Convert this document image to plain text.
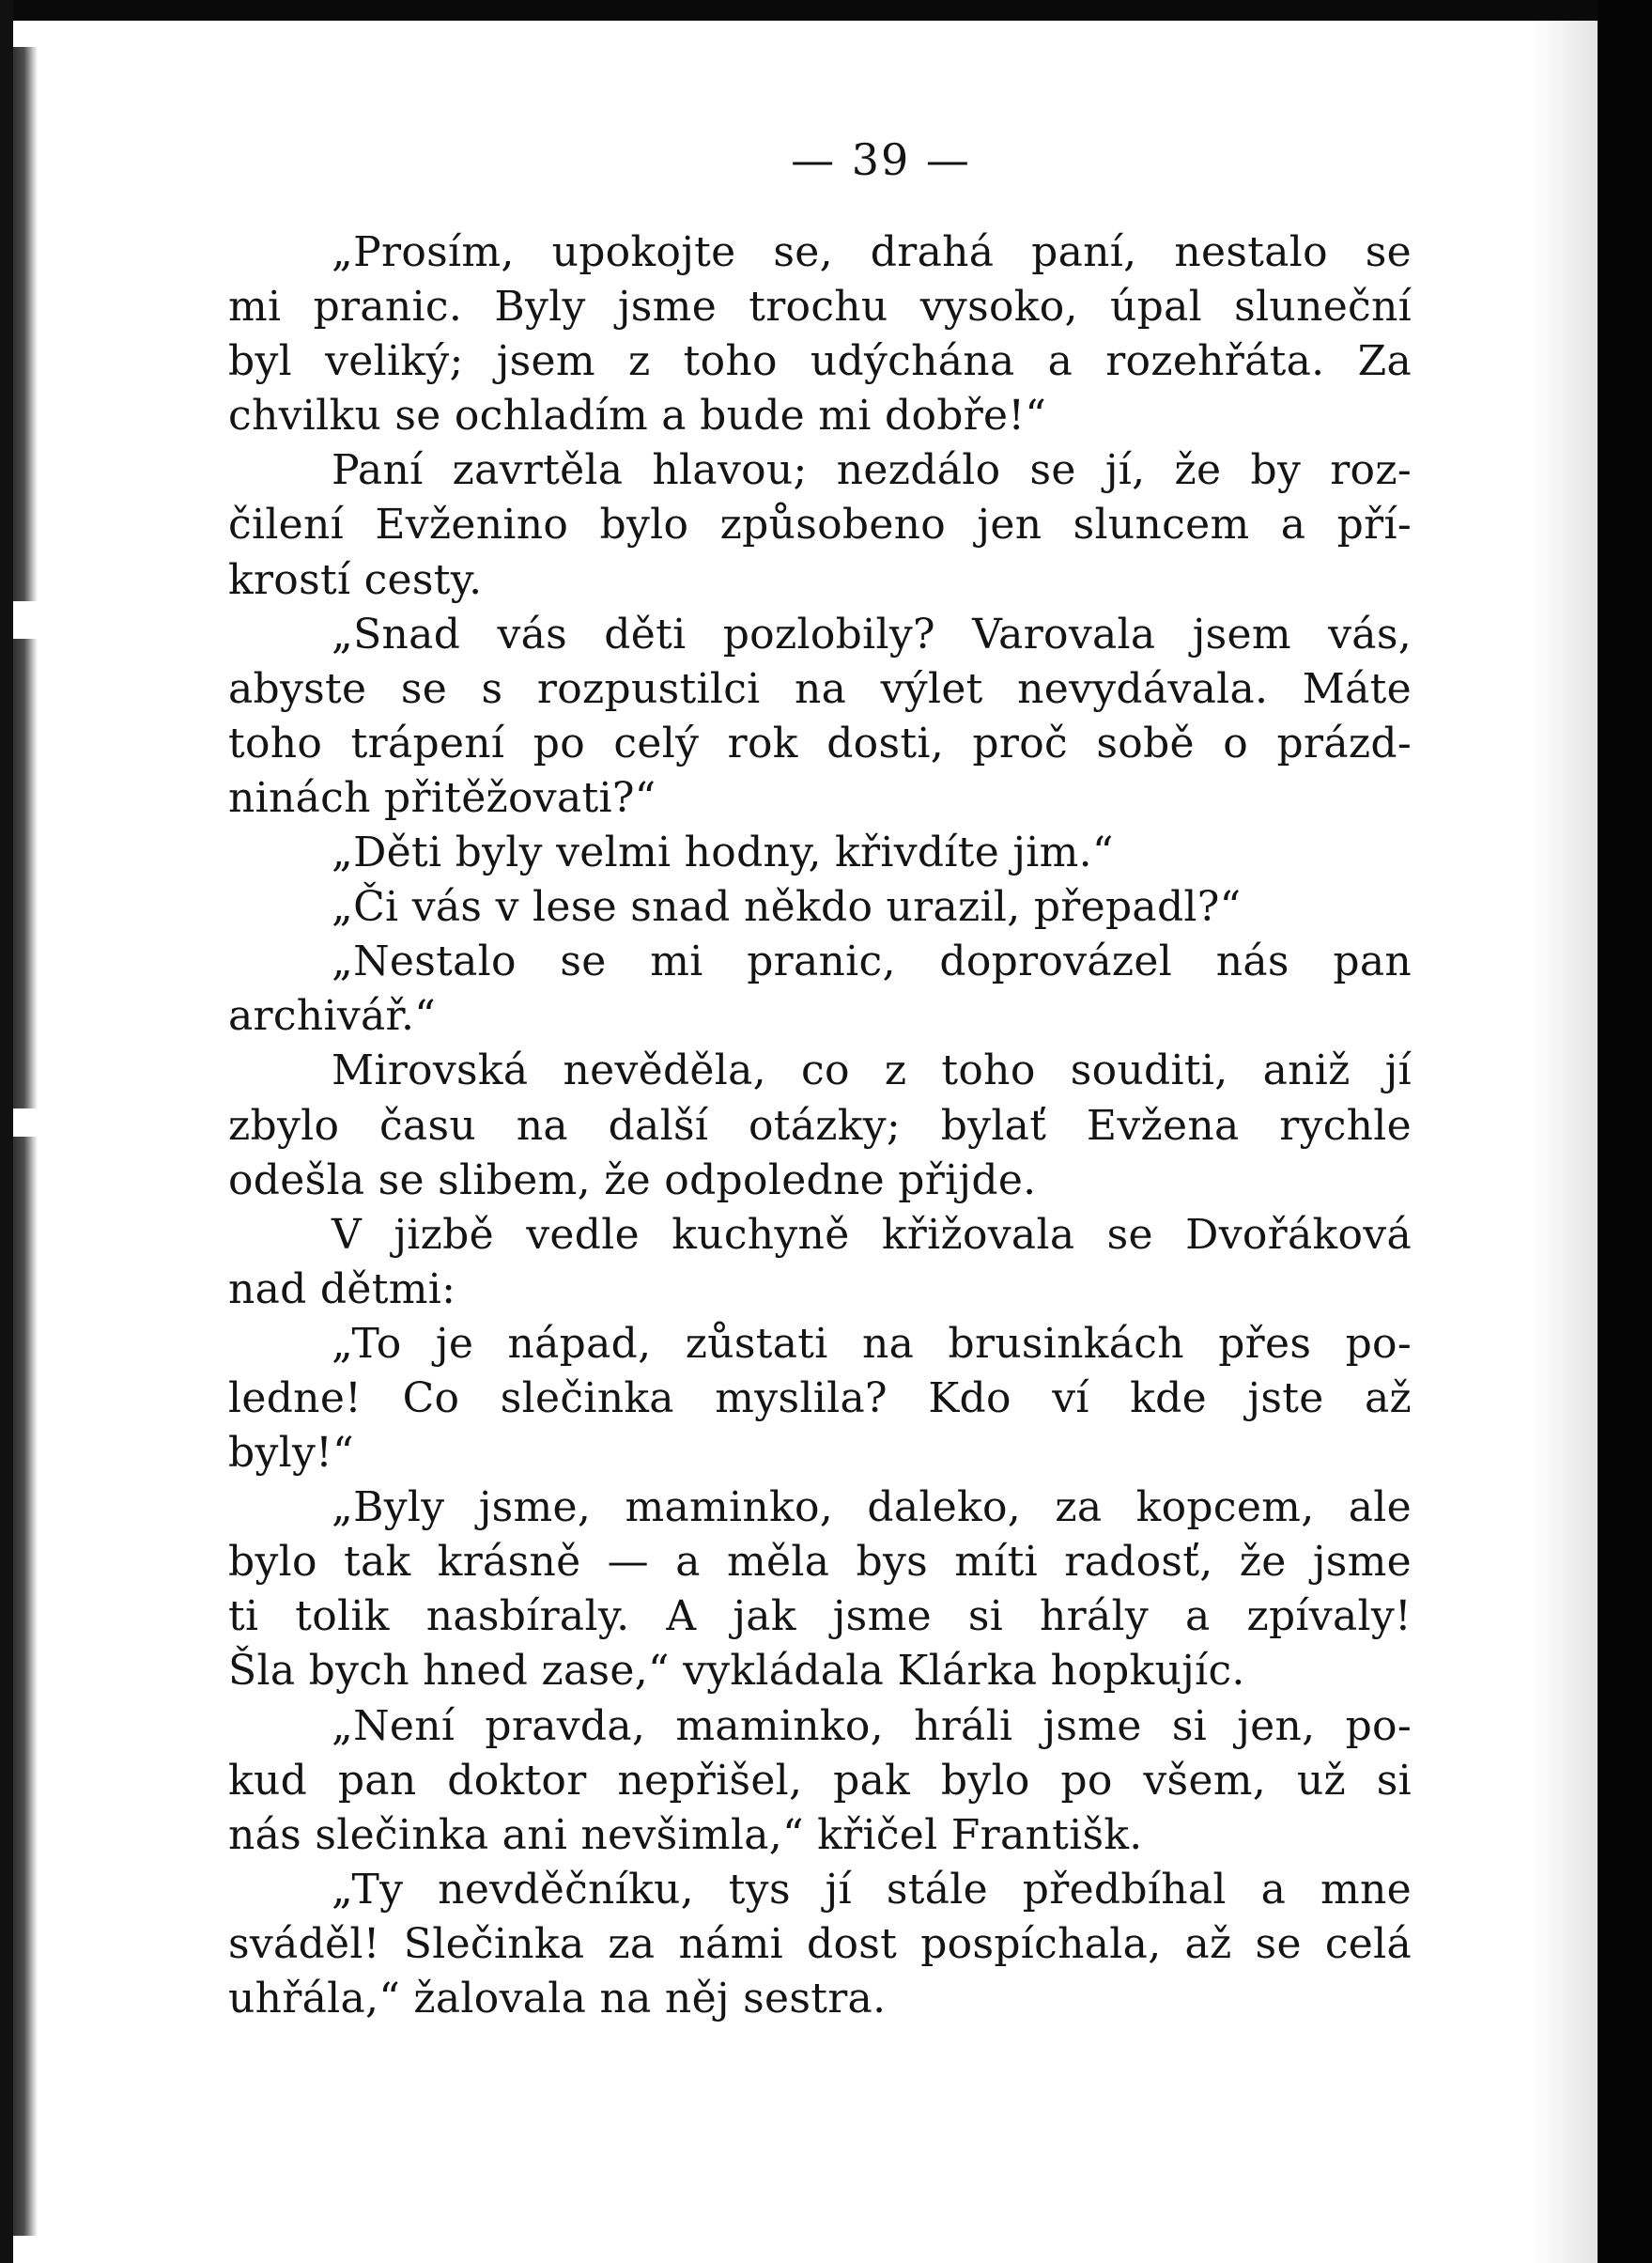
— 39 —
„Prosím, upokojte se, drahá paní, nestalo se
mi pranic. Byly jsme trochu vysoko, úpal sluneční
byl veliký; jsem z toho udýchána a rozehřáta. Za
chvilku se ochladím a bude mi dobře!“
Paní zavrtěla hlavou; nezdálo se jí, že by roz-
čilení Evženino bylo způsobeno jen sluncem a pří-
krostí cesty.
„Snad vás děti pozlobily? Varovala jsem vás,
abyste se s rozpustilci na výlet nevydávala. Máte
toho trápení po celý rok dosti, proč sobě o prázd-
ninách přitěžovati?“
„Děti byly velmi hodny, křivdíte jim.“
„Či vás v lese snad někdo urazil, přepadl?“
„Nestalo se mi pranic, doprovázel nás pan
archivář.“
Mirovská nevěděla, co z toho souditi, aniž jí
zbylo času na další otázky; bylať Evžena rychle
odešla se slibem, že odpoledne přijde.
V jizbě vedle kuchyně křižovala se Dvořáková
nad dětmi:
„To je nápad, zůstati na brusinkách přes po-
ledne! Co slečinka myslila? Kdo ví kde jste až
byly!“
„Byly jsme, maminko, daleko, za kopcem, ale
bylo tak krásně — a měla bys míti radosť, že jsme
ti tolik nasbíraly. A jak jsme si hrály a zpívaly!
Šla bych hned zase,“ vykládala Klárka hopkujíc.
„Není pravda, maminko, hráli jsme si jen, po-
kud pan doktor nepřišel, pak bylo po všem, už si
nás slečinka ani nevšimla,“ křičel Františk.
„Ty nevděčníku, tys jí stále předbíhal a mne
sváděl! Slečinka za námi dost pospíchala, až se celá
uhřála,“ žalovala na něj sestra.
